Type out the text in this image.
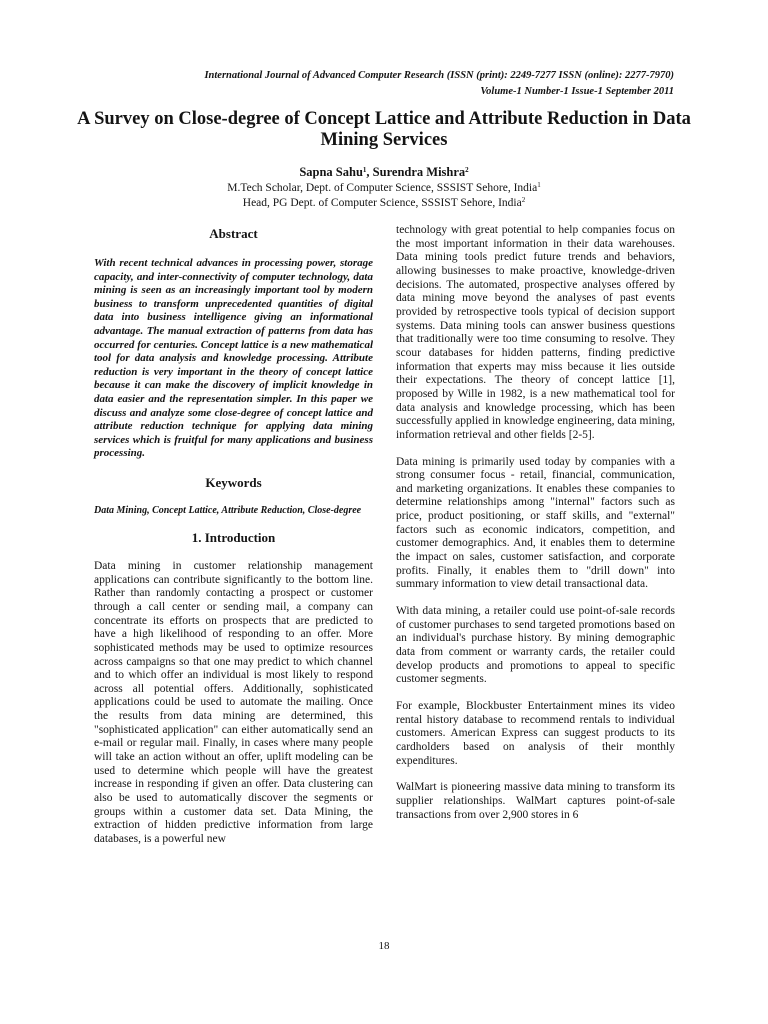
International Journal of Advanced Computer Research (ISSN (print): 2249-7277 ISSN (online): 2277-7970)
Volume-1 Number-1 Issue-1 September 2011
A Survey on Close-degree of Concept Lattice and Attribute Reduction in Data Mining Services
Sapna Sahu$^1$, Surendra Mishra$^2$
M.Tech Scholar, Dept. of Computer Science, SSSIST Sehore, India$^1$
Head, PG Dept. of Computer Science, SSSIST Sehore, India$^2$
Abstract

With recent technical advances in processing power, storage capacity, and inter-connectivity of computer technology, data mining is seen as an increasingly important tool by modern business to transform unprecedented quantities of digital data into business intelligence giving an informational advantage. The manual extraction of patterns from data has occurred for centuries. Concept lattice is a new mathematical tool for data analysis and knowledge processing. Attribute reduction is very important in the theory of concept lattice because it can make the discovery of implicit knowledge in data easier and the representation simpler. In this paper we discuss and analyze some close-degree of concept lattice and attribute reduction technique for applying data mining services which is fruitful for many applications and business processing.

Keywords

Data Mining, Concept Lattice, Attribute Reduction, Close-degree

1. Introduction

Data mining in customer relationship management applications can contribute significantly to the bottom line. Rather than randomly contacting a prospect or customer through a call center or sending mail, a company can concentrate its efforts on prospects that are predicted to have a high likelihood of responding to an offer. More sophisticated methods may be used to optimize resources across campaigns so that one may predict to which channel and to which offer an individual is most likely to respond across all potential offers. Additionally, sophisticated applications could be used to automate the mailing. Once the results from data mining are determined, this "sophisticated application" can either automatically send an e-mail or regular mail. Finally, in cases where many people will take an action without an offer, uplift modeling can be used to determine which people will have the greatest increase in responding if given an offer. Data clustering can also be used to automatically discover the segments or groups within a customer data set. Data Mining, the extraction of hidden predictive information from large databases, is a powerful new

technology with great potential to help companies focus on the most important information in their data warehouses. Data mining tools predict future trends and behaviors, allowing businesses to make proactive, knowledge-driven decisions. The automated, prospective analyses offered by data mining move beyond the analyses of past events provided by retrospective tools typical of decision support systems. Data mining tools can answer business questions that traditionally were too time consuming to resolve. They scour databases for hidden patterns, finding predictive information that experts may miss because it lies outside their expectations. The theory of concept lattice [1], proposed by Wille in 1982, is a new mathematical tool for data analysis and knowledge processing, which has been successfully applied in knowledge engineering, data mining, information retrieval and other fields [2-5].

Data mining is primarily used today by companies with a strong consumer focus - retail, financial, communication, and marketing organizations. It enables these companies to determine relationships among "internal" factors such as price, product positioning, or staff skills, and "external" factors such as economic indicators, competition, and customer demographics. And, it enables them to determine the impact on sales, customer satisfaction, and corporate profits. Finally, it enables them to "drill down" into summary information to view detail transactional data.

With data mining, a retailer could use point-of-sale records of customer purchases to send targeted promotions based on an individual's purchase history. By mining demographic data from comment or warranty cards, the retailer could develop products and promotions to appeal to specific customer segments.

For example, Blockbuster Entertainment mines its video rental history database to recommend rentals to individual customers. American Express can suggest products to its cardholders based on analysis of their monthly expenditures.

WalMart is pioneering massive data mining to transform its supplier relationships. WalMart captures point-of-sale transactions from over 2,900 stores in 6

18
